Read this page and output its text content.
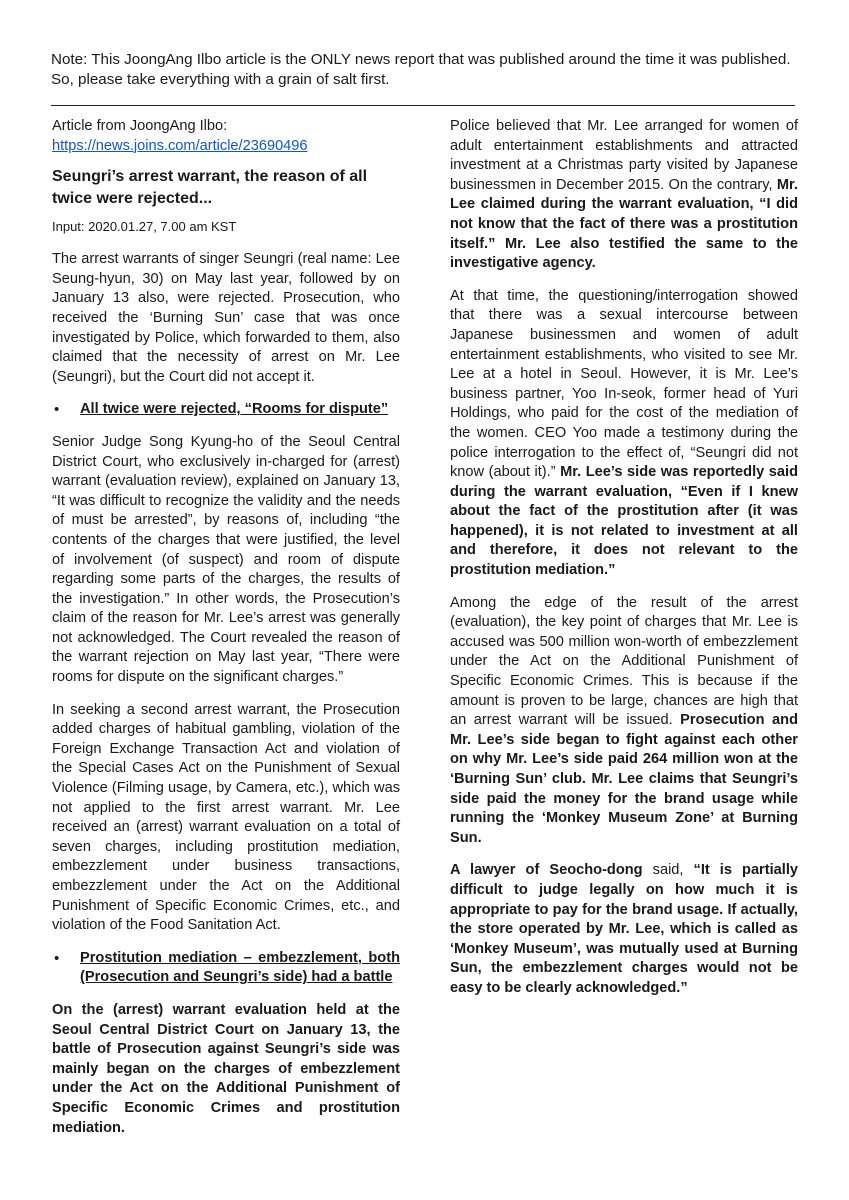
Note: This JoongAng Ilbo article is the ONLY news report that was published around the time it was published. So, please take everything with a grain of salt first.
Article from JoongAng Ilbo:
https://news.joins.com/article/23690496
Seungri’s arrest warrant, the reason of all twice were rejected...
Input: 2020.01.27, 7.00 am KST

The arrest warrants of singer Seungri (real name: Lee Seung-hyun, 30) on May last year, followed by on January 13 also, were rejected. Prosecution, who received the ‘Burning Sun’ case that was once investigated by Police, which forwarded to them, also claimed that the necessity of arrest on Mr. Lee (Seungri), but the Court did not accept it.

•	All twice were rejected, “Rooms for dispute”

Senior Judge Song Kyung-ho of the Seoul Central District Court, who exclusively in-charged for (arrest) warrant (evaluation review), explained on January 13, “It was difficult to recognize the validity and the needs of must be arrested”, by reasons of, including “the contents of the charges that were justified, the level of involvement (of suspect) and room of dispute regarding some parts of the charges, the results of the investigation.” In other words, the Prosecution’s claim of the reason for Mr. Lee’s arrest was generally not acknowledged. The Court revealed the reason of the warrant rejection on May last year, “There were rooms for dispute on the significant charges.”

In seeking a second arrest warrant, the Prosecution added charges of habitual gambling, violation of the Foreign Exchange Transaction Act and violation of the Special Cases Act on the Punishment of Sexual Violence (Filming usage, by Camera, etc.), which was not applied to the first arrest warrant. Mr. Lee received an (arrest) warrant evaluation on a total of seven charges, including prostitution mediation, embezzlement under business transactions, embezzlement under the Act on the Additional Punishment of Specific Economic Crimes, etc., and violation of the Food Sanitation Act.

•	Prostitution mediation – embezzlement, both (Prosecution and Seungri’s side) had a battle

On the (arrest) warrant evaluation held at the Seoul Central District Court on January 13, the battle of Prosecution against Seungri’s side was mainly began on the charges of embezzlement under the Act on the Additional Punishment of Specific Economic Crimes and prostitution mediation.

Police believed that Mr. Lee arranged for women of adult entertainment establishments and attracted investment at a Christmas party visited by Japanese businessmen in December 2015. On the contrary, Mr. Lee claimed during the warrant evaluation, “I did not know that the fact of there was a prostitution itself.” Mr. Lee also testified the same to the investigative agency.

At that time, the questioning/interrogation showed that there was a sexual intercourse between Japanese businessmen and women of adult entertainment establishments, who visited to see Mr. Lee at a hotel in Seoul. However, it is Mr. Lee’s business partner, Yoo In-seok, former head of Yuri Holdings, who paid for the cost of the mediation of the women. CEO Yoo made a testimony during the police interrogation to the effect of, “Seungri did not know (about it).” Mr. Lee’s side was reportedly said during the warrant evaluation, “Even if I knew about the fact of the prostitution after (it was happened), it is not related to investment at all and therefore, it does not relevant to the prostitution mediation.”

Among the edge of the result of the arrest (evaluation), the key point of charges that Mr. Lee is accused was 500 million won-worth of embezzlement under the Act on the Additional Punishment of Specific Economic Crimes. This is because if the amount is proven to be large, chances are high that an arrest warrant will be issued. Prosecution and Mr. Lee’s side began to fight against each other on why Mr. Lee’s side paid 264 million won at the ‘Burning Sun’ club. Mr. Lee claims that Seungri’s side paid the money for the brand usage while running the ‘Monkey Museum Zone’ at Burning Sun.

A lawyer of Seocho-dong said, “It is partially difficult to judge legally on how much it is appropriate to pay for the brand usage. If actually, the store operated by Mr. Lee, which is called as ‘Monkey Museum’, was mutually used at Burning Sun, the embezzlement charges would not be easy to be clearly acknowledged.”
